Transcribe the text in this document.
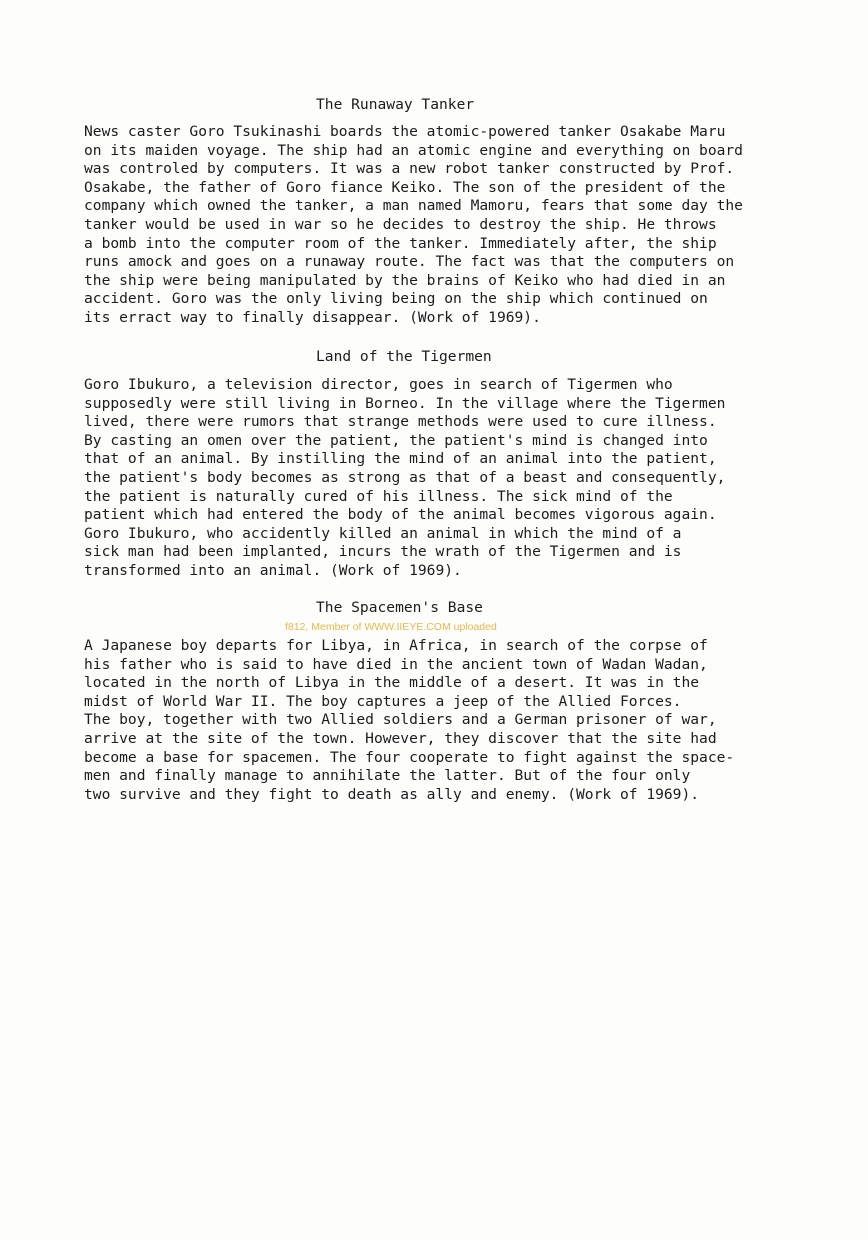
The Runaway Tanker
News caster Goro Tsukinashi boards the atomic-powered tanker Osakabe Maru
on its maiden voyage. The ship had an atomic engine and everything on board
was controled by computers. It was a new robot tanker constructed by Prof.
Osakabe, the father of Goro fiance Keiko. The son of the president of the
company which owned the tanker, a man named Mamoru, fears that some day the
tanker would be used in war so he decides to destroy the ship. He throws
a bomb into the computer room of the tanker. Immediately after, the ship
runs amock and goes on a runaway route. The fact was that the computers on
the ship were being manipulated by the brains of Keiko who had died in an
accident. Goro was the only living being on the ship which continued on
its erract way to finally disappear. (Work of 1969).
Land of the Tigermen
Goro Ibukuro, a television director, goes in search of Tigermen who
supposedly were still living in Borneo. In the village where the Tigermen
lived, there were rumors that strange methods were used to cure illness.
By casting an omen over the patient, the patient's mind is changed into
that of an animal. By instilling the mind of an animal into the patient,
the patient's body becomes as strong as that of a beast and consequently,
the patient is naturally cured of his illness. The sick mind of the
patient which had entered the body of the animal becomes vigorous again.
Goro Ibukuro, who accidently killed an animal in which the mind of a
sick man had been implanted, incurs the wrath of the Tigermen and is
transformed into an animal. (Work of 1969).
The Spacemen's Base
A Japanese boy departs for Libya, in Africa, in search of the corpse of
his father who is said to have died in the ancient town of Wadan Wadan,
located in the north of Libya in the middle of a desert. It was in the
midst of World War II. The boy captures a jeep of the Allied Forces.
The boy, together with two Allied soldiers and a German prisoner of war,
arrive at the site of the town. However, they discover that the site had
become a base for spacemen. The four cooperate to fight against the space-
men and finally manage to annihilate the latter. But of the four only
two survive and they fight to death as ally and enemy. (Work of 1969).
f812, Member of WWW.IIEYE.COM uploaded
